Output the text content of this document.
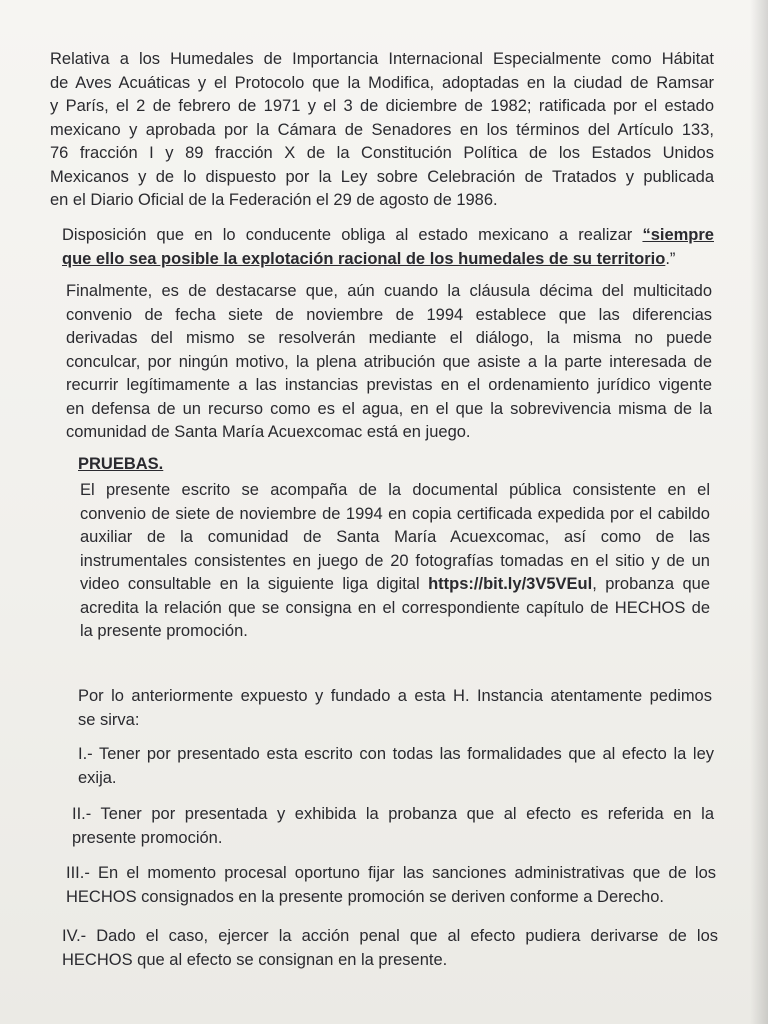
Relativa a los Humedales de Importancia Internacional Especialmente como Hábitat
de Aves Acuáticas y el Protocolo que la Modifica, adoptadas en la ciudad de Ramsar
y París, el 2 de febrero de 1971 y el 3 de diciembre de 1982; ratificada por el estado
mexicano y aprobada por la Cámara de Senadores en los términos del Artículo 133,
76 fracción I y 89 fracción X de la Constitución Política de los Estados Unidos
Mexicanos y de lo dispuesto por la Ley sobre Celebración de Tratados y publicada
en el Diario Oficial de la Federación el 29 de agosto de 1986.
Disposición que en lo conducente obliga al estado mexicano a realizar “siempre
que ello sea posible la explotación racional de los humedales de su territorio.”
Finalmente, es de destacarse que, aún cuando la cláusula décima del multicitado
convenio de fecha siete de noviembre de 1994 establece que las diferencias
derivadas del mismo se resolverán mediante el diálogo, la misma no puede
conculcar, por ningún motivo, la plena atribución que asiste a la parte interesada de
recurrir legítimamente a las instancias previstas en el ordenamiento jurídico vigente
en defensa de un recurso como es el agua, en el que la sobrevivencia misma de la
comunidad de Santa María Acuexcomac está en juego.
PRUEBAS.
El presente escrito se acompaña de la documental pública consistente en el
convenio de siete de noviembre de 1994 en copia certificada expedida por el cabildo
auxiliar de la comunidad de Santa María Acuexcomac, así como de las
instrumentales consistentes en juego de 20 fotografías tomadas en el sitio y de un
video consultable en la siguiente liga digital https://bit.ly/3V5VEul, probanza que
acredita la relación que se consigna en el correspondiente capítulo de HECHOS de
la presente promoción.
Por lo anteriormente expuesto y fundado a esta H. Instancia atentamente pedimos
se sirva:
I.- Tener por presentado esta escrito con todas las formalidades que al efecto la ley
exija.
II.- Tener por presentada y exhibida la probanza que al efecto es referida en la
presente promoción.
III.- En el momento procesal oportuno fijar las sanciones administrativas que de los
HECHOS consignados en la presente promoción se deriven conforme a Derecho.
IV.- Dado el caso, ejercer la acción penal que al efecto pudiera derivarse de los
HECHOS que al efecto se consignan en la presente.
